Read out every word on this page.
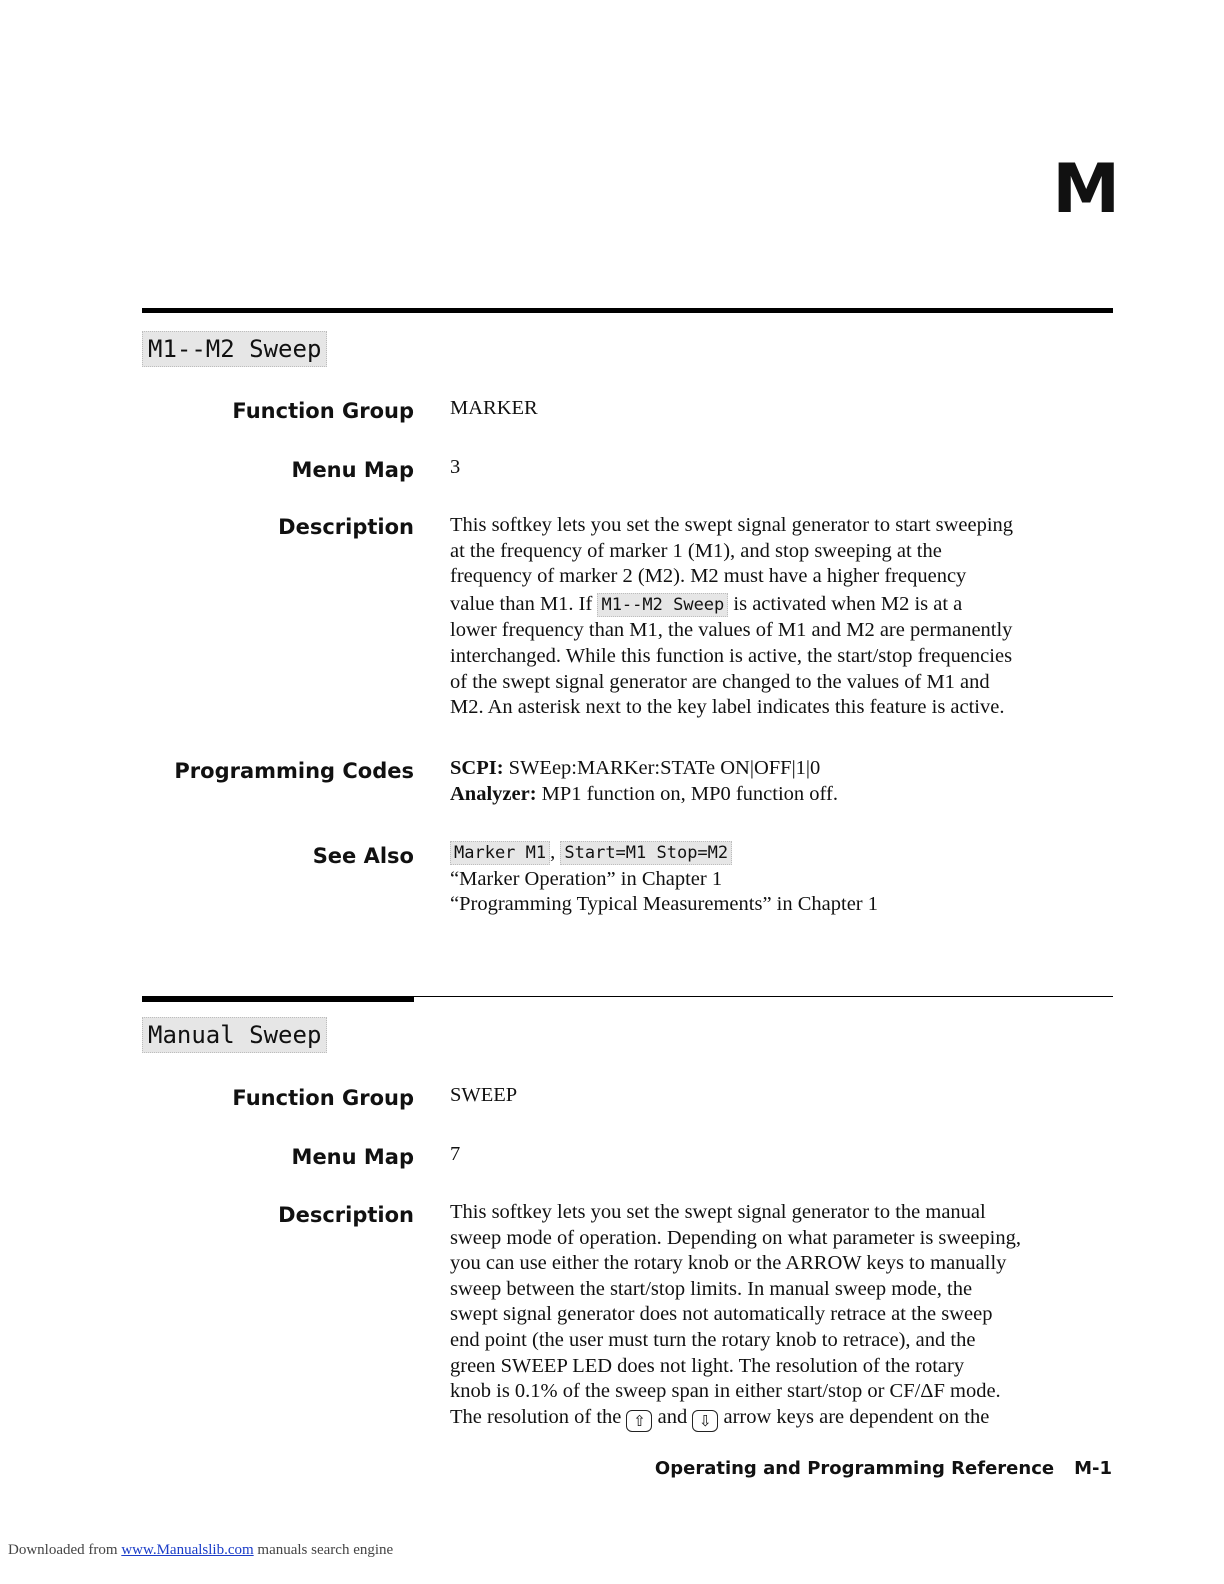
M
M1--M2 Sweep
Function Group MARKER
Menu Map 3
Description This softkey lets you set the swept signal generator to start sweeping
at the frequency of marker 1 (M1), and stop sweeping at the
frequency of marker 2 (M2). M2 must have a higher frequency
value than M1. If M1--M2 Sweep is activated when M2 is at a
lower frequency than M1, the values of M1 and M2 are permanently
interchanged. While this function is active, the start/stop frequencies
of the swept signal generator are changed to the values of M1 and
M2. An asterisk next to the key label indicates this feature is active.
Programming Codes SCPI: SWEep:MARKer:STATe ON|OFF|1|0
Analyzer: MP1 function on, MP0 function off.
See Also Marker M1 , Start=M1 Stop=M2
“Marker Operation” in Chapter 1
“Programming Typical Measurements” in Chapter 1
Manual Sweep
Function Group SWEEP
Menu Map 7
Description This softkey lets you set the swept signal generator to the manual
sweep mode of operation. Depending on what parameter is sweeping,
you can use either the rotary knob or the ARROW keys to manually
sweep between the start/stop limits. In manual sweep mode, the
swept signal generator does not automatically retrace at the sweep
end point (the user must turn the rotary knob to retrace), and the
green SWEEP LED does not light. The resolution of the rotary
knob is 0.1% of the sweep span in either start/stop or CF/ΔF mode.
The resolution of the ⇧ and ⇩ arrow keys are dependent on the
Operating and Programming Reference M-1
Downloaded from www.Manualslib.com manuals search engine
